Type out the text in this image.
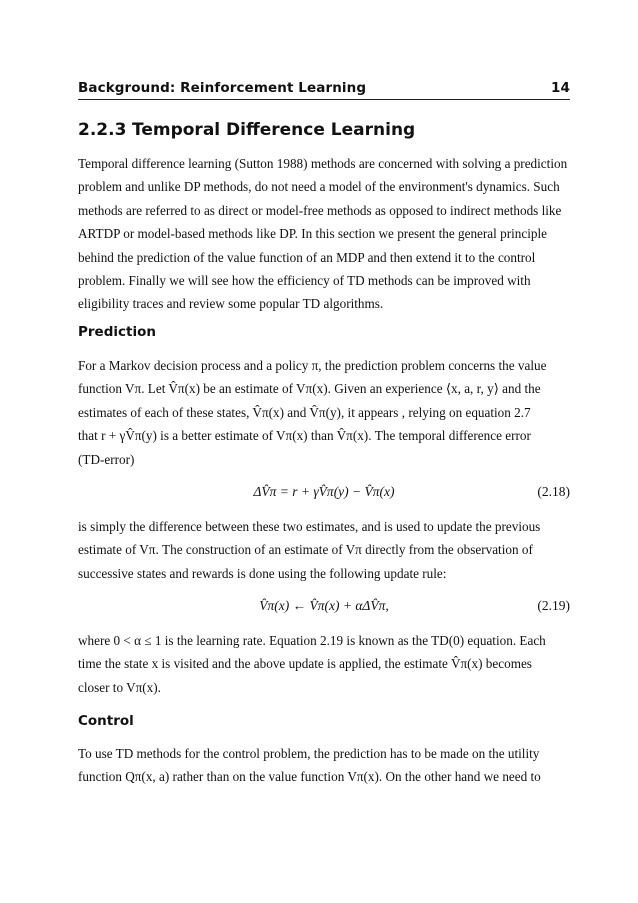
Background: Reinforcement Learning	14
2.2.3 Temporal Difference Learning
Temporal difference learning (Sutton 1988) methods are concerned with solving a prediction
problem and unlike DP methods, do not need a model of the environment's dynamics. Such
methods are referred to as direct or model-free methods as opposed to indirect methods like
ARTDP or model-based methods like DP. In this section we present the general principle
behind the prediction of the value function of an MDP and then extend it to the control
problem. Finally we will see how the efficiency of TD methods can be improved with
eligibility traces and review some popular TD algorithms.
Prediction
For a Markov decision process and a policy π, the prediction problem concerns the value
function Vπ. Let V̂π(x) be an estimate of Vπ(x). Given an experience ⟨x, a, r, y⟩ and the
estimates of each of these states, V̂π(x) and V̂π(y), it appears , relying on equation 2.7
that r + γV̂π(y) is a better estimate of Vπ(x) than V̂π(x). The temporal difference error
(TD-error)
ΔV̂π = r + γV̂π(y) − V̂π(x)	(2.18)
is simply the difference between these two estimates, and is used to update the previous
estimate of Vπ. The construction of an estimate of Vπ directly from the observation of
successive states and rewards is done using the following update rule:
V̂π(x) ← V̂π(x) + αΔV̂π,	(2.19)
where 0 < α ≤ 1 is the learning rate. Equation 2.19 is known as the TD(0) equation. Each
time the state x is visited and the above update is applied, the estimate V̂π(x) becomes
closer to Vπ(x).
Control
To use TD methods for the control problem, the prediction has to be made on the utility
function Qπ(x, a) rather than on the value function Vπ(x). On the other hand we need to
